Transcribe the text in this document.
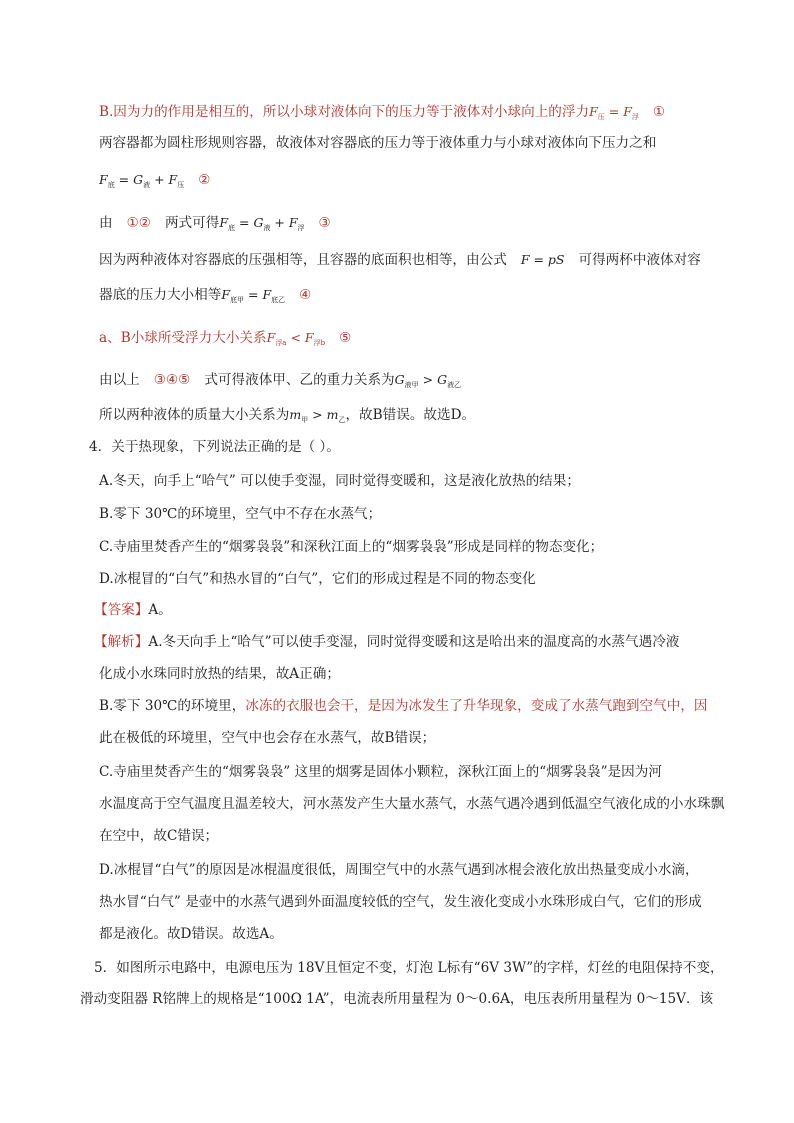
B.因为力的作用是相互的，所以小球对液体向下的压力等于液体对小球向上的浮力$F_压 = F_浮$ ①
两容器都为圆柱形规则容器，故液体对容器底的压力等于液体重力与小球对液体向下压力之和
$F_底 = G_液 + F_压$ ②
由 ①② 两式可得$F_底 = G_液 + F_浮$ ③
因为两种液体对容器底的压强相等，且容器的底面积也相等，由公式 F = pS 可得两杯中液体对容
器底的压力大小相等$F_{底甲} = F_{底乙}$ ④
a、B小球所受浮力大小关系$F_{浮a} < F_{浮b}$ ⑤
由以上 ③④⑤ 式可得液体甲、乙的重力关系为$G_{液甲} > G_{液乙}$
所以两种液体的质量大小关系为$m_甲 > m_乙$，故B错误。故选D。
4．关于热现象，下列说法正确的是（ ）。
A.冬天，向手上“哈气” 可以使手变湿，同时觉得变暖和，这是液化放热的结果；
B.零下 30℃的环境里，空气中不存在水蒸气；
C.寺庙里焚香产生的“烟雾袅袅”和深秋江面上的“烟雾袅袅”形成是同样的物态变化；
D.冰棍冒的“白气”和热水冒的“白气”，它们的形成过程是不同的物态变化
【答案】A。
【解析】A.冬天向手上“哈气”可以使手变湿，同时觉得变暖和这是哈出来的温度高的水蒸气遇冷液
化成小水珠同时放热的结果，故A正确；
B.零下 30℃的环境里，冰冻的衣服也会干，是因为冰发生了升华现象，变成了水蒸气跑到空气中，因
此在极低的环境里，空气中也会存在水蒸气，故B错误；
C.寺庙里焚香产生的“烟雾袅袅” 这里的烟雾是固体小颗粒，深秋江面上的“烟雾袅袅”是因为河
水温度高于空气温度且温差较大，河水蒸发产生大量水蒸气，水蒸气遇冷遇到低温空气液化成的小水珠飘
在空中，故C错误；
D.冰棍冒“白气”的原因是冰棍温度很低，周围空气中的水蒸气遇到冰棍会液化放出热量变成小水滴，
热水冒“白气” 是壶中的水蒸气遇到外面温度较低的空气，发生液化变成小水珠形成白气，它们的形成
都是液化。故D错误。故选A。
5．如图所示电路中，电源电压为 18V且恒定不变，灯泡 L标有“6V 3W”的字样，灯丝的电阻保持不变，
滑动变阻器 R铭牌上的规格是“100Ω 1A”，电流表所用量程为 0～0.6A，电压表所用量程为 0～15V．该
